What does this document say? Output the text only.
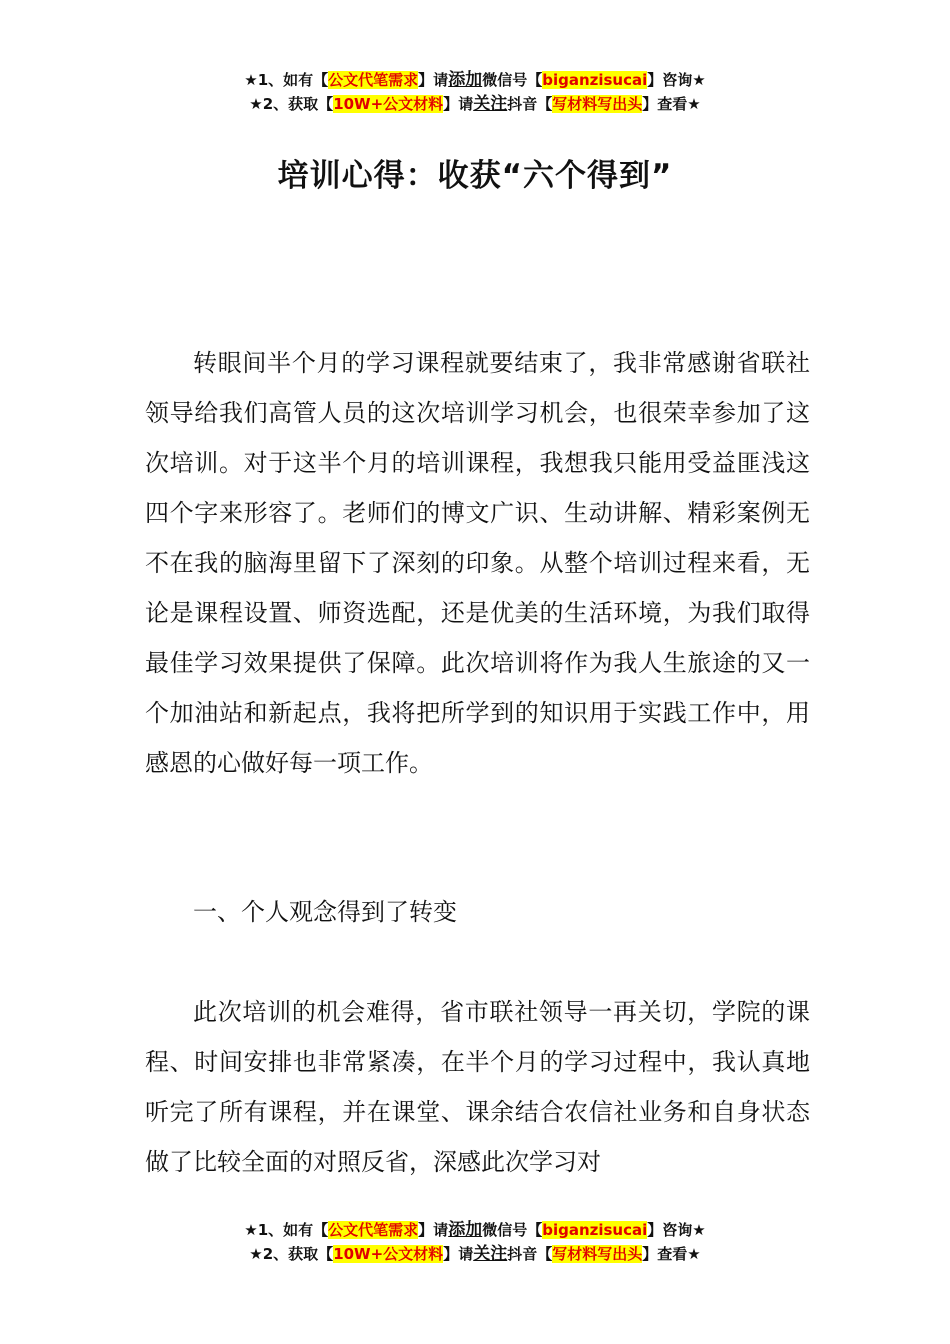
★1、如有【公文代笔需求】请添加微信号【biganzisucai】咨询★
★2、获取【10W+公文材料】请关注抖音【写材料写出头】查看★
培训心得：收获“六个得到”

转眼间半个月的学习课程就要结束了，我非常感谢省联社领导给我们高管人员的这次培训学习机会，也很荣幸参加了这次培训。对于这半个月的培训课程，我想我只能用受益匪浅这四个字来形容了。老师们的博文广识、生动讲解、精彩案例无不在我的脑海里留下了深刻的印象。从整个培训过程来看，无论是课程设置、师资选配，还是优美的生活环境，为我们取得最佳学习效果提供了保障。此次培训将作为我人生旅途的又一个加油站和新起点，我将把所学到的知识用于实践工作中，用感恩的心做好每一项工作。

一、个人观念得到了转变

此次培训的机会难得，省市联社领导一再关切，学院的课程、时间安排也非常紧凑，在半个月的学习过程中，我认真地听完了所有课程，并在课堂、课余结合农信社业务和自身状态做了比较全面的对照反省，深感此次学习对

★1、如有【公文代笔需求】请添加微信号【biganzisucai】咨询★
★2、获取【10W+公文材料】请关注抖音【写材料写出头】查看★
